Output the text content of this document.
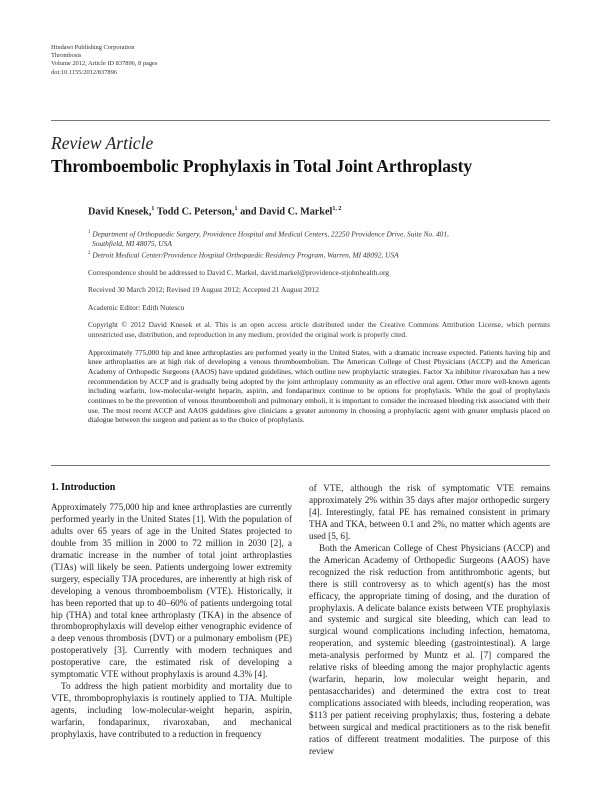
Hindawi Publishing Corporation
Thrombosis
Volume 2012, Article ID 837896, 8 pages
doi:10.1155/2012/837896
Review Article
Thromboembolic Prophylaxis in Total Joint Arthroplasty
David Knesek,$^1$ Todd C. Peterson,$^1$ and David C. Markel$^{1, 2}$
$^1$ Department of Orthopaedic Surgery, Providence Hospital and Medical Centers, 22250 Providence Drive, Suite No. 401,
Southfield, MI 48075, USA
$^2$ Detroit Medical Center/Providence Hospital Orthopaedic Residency Program, Warren, MI 48092, USA
Correspondence should be addressed to David C. Markel, david.markel@providence-stjohnhealth.org
Received 30 March 2012; Revised 19 August 2012; Accepted 21 August 2012
Academic Editor: Edith Nutescu
Copyright © 2012 David Knesek et al. This is an open access article distributed under the Creative Commons Attribution License, which permits unrestricted use, distribution, and reproduction in any medium, provided the original work is properly cited.
Approximately 775,000 hip and knee arthroplasties are performed yearly in the United States, with a dramatic increase expected. Patients having hip and knee arthroplasties are at high risk of developing a venous thromboembolism. The American College of Chest Physicians (ACCP) and the American Academy of Orthopedic Surgeons (AAOS) have updated guidelines, which outline new prophylactic strategies. Factor Xa inhibitor rivaroxaban has a new recommendation by ACCP and is gradually being adopted by the joint arthroplasty community as an effective oral agent. Other more well-known agents including warfarin, low-molecular-weight heparin, aspirin, and fondaparinux continue to be options for prophylaxis. While the goal of prophylaxis continues to be the prevention of venous thromboemboli and pulmonary emboli, it is important to consider the increased bleeding risk associated with their use. The most recent ACCP and AAOS guidelines give clinicians a greater autonomy in choosing a prophylactic agent with greater emphasis placed on dialogue between the surgeon and patient as to the choice of prophylaxis.
1. Introduction

Approximately 775,000 hip and knee arthroplasties are currently performed yearly in the United States [1]. With the population of adults over 65 years of age in the United States projected to double from 35 million in 2000 to 72 million in 2030 [2], a dramatic increase in the number of total joint arthroplasties (TJAs) will likely be seen. Patients undergoing lower extremity surgery, especially TJA procedures, are inherently at high risk of developing a venous thromboembolism (VTE). Historically, it has been reported that up to 40–60% of patients undergoing total hip (THA) and total knee arthroplasty (TKA) in the absence of thromboprophylaxis will develop either venographic evidence of a deep venous thrombosis (DVT) or a pulmonary embolism (PE) postoperatively [3]. Currently with modern techniques and postoperative care, the estimated risk of developing a symptomatic VTE without prophylaxis is around 4.3% [4].

To address the high patient morbidity and mortality due to VTE, thromboprophylaxis is routinely applied to TJA. Multiple agents, including low-molecular-weight heparin, aspirin, warfarin, fondaparinux, rivaroxaban, and mechanical prophylaxis, have contributed to a reduction in frequency

of VTE, although the risk of symptomatic VTE remains approximately 2% within 35 days after major orthopedic surgery [4]. Interestingly, fatal PE has remained consistent in primary THA and TKA, between 0.1 and 2%, no matter which agents are used [5, 6].

Both the American College of Chest Physicians (ACCP) and the American Academy of Orthopedic Surgeons (AAOS) have recognized the risk reduction from antithrombotic agents, but there is still controversy as to which agent(s) has the most efficacy, the appropriate timing of dosing, and the duration of prophylaxis. A delicate balance exists between VTE prophylaxis and systemic and surgical site bleeding, which can lead to surgical wound complications including infection, hematoma, reoperation, and systemic bleeding (gastrointestinal). A large meta-analysis performed by Muntz et al. [7] compared the relative risks of bleeding among the major prophylactic agents (warfarin, heparin, low molecular weight heparin, and pentasaccharides) and determined the extra cost to treat complications associated with bleeds, including reoperation, was $113 per patient receiving prophylaxis; thus, fostering a debate between surgical and medical practitioners as to the risk benefit ratios of different treatment modalities. The purpose of this review
